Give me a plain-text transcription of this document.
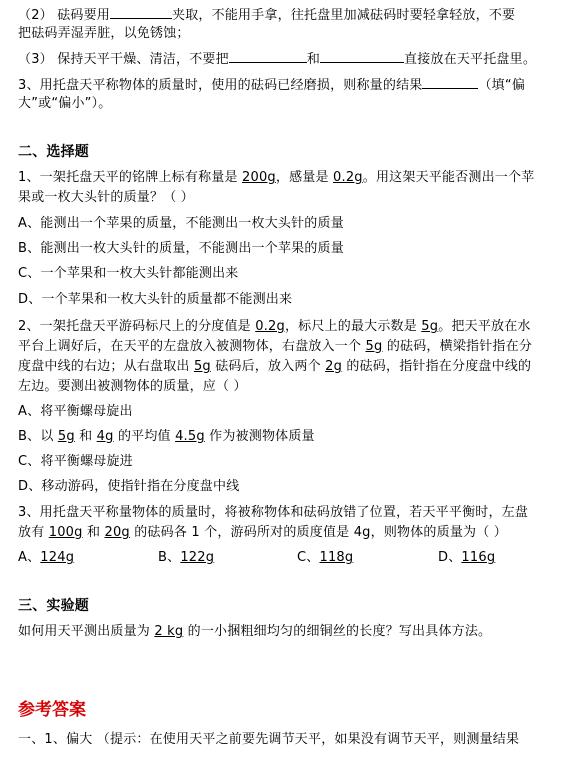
（2） 砝码要用	夹取，不能用手拿，往托盘里加减砝码时要轻拿轻放，不要
把砝码弄湿弄脏，以免锈蚀；
（3） 保持天平干燥、清洁，不要把	和	直接放在天平托盘里。
3、用托盘天平称物体的质量时，使用的砝码已经磨损，则称量的结果	（填“偏
大”或“偏小”）。
二、选择题
1、一架托盘天平的铭牌上标有称量是 200g，感量是 0.2g。用这架天平能否测出一个苹
果或一枚大头针的质量？（ ）
A、能测出一个苹果的质量，不能测出一枚大头针的质量
B、能测出一枚大头针的质量，不能测出一个苹果的质量
C、一个苹果和一枚大头针都能测出来
D、一个苹果和一枚大头针的质量都不能测出来
2、一架托盘天平游码标尺上的分度值是 0.2g，标尺上的最大示数是 5g。把天平放在水
平台上调好后，在天平的左盘放入被测物体，右盘放入一个 5g 的砝码，横梁指针指在分
度盘中线的右边；从右盘取出 5g 砝码后，放入两个 2g 的砝码，指针指在分度盘中线的
左边。要测出被测物体的质量，应（ ）
A、将平衡螺母旋出
B、以 5g 和 4g 的平均值 4.5g 作为被测物体质量
C、将平衡螺母旋进
D、移动游码，使指针指在分度盘中线
3、用托盘天平称量物体的质量时，将被称物体和砝码放错了位置，若天平平衡时，左盘
放有 100g 和 20g 的砝码各 1 个，游码所对的质度值是 4g，则物体的质量为（ ）
A、124g	B、122g	C、118g	D、116g
三、实验题
如何用天平测出质量为 2 kg 的一小捆粗细均匀的细铜丝的长度？写出具体方法。
参考答案
一、1、偏大 （提示：在使用天平之前要先调节天平，如果没有调节天平，则测量结果
